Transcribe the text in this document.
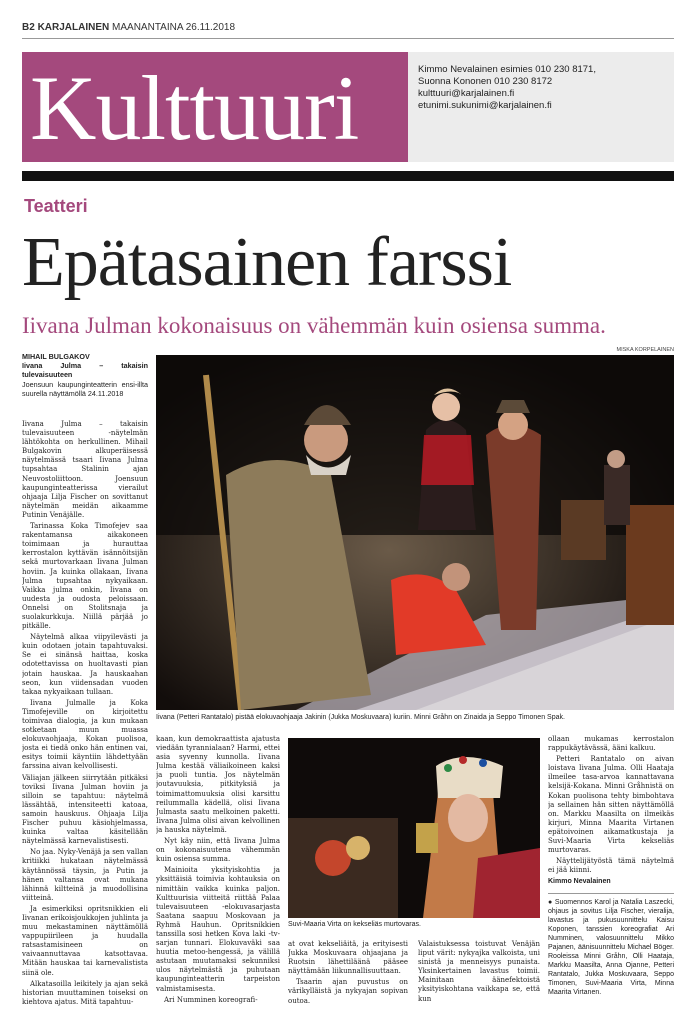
B2 KARJALAINEN MAANANTAINA 26.11.2018
Kulttuuri	Kimmo Nevalainen esimies 010 230 8171,
Suonna Kononen 010 230 8172
kulttuuri@karjalainen.fi
etunimi.sukunimi@karjalainen.fi
Teatteri
Epätasainen farssi
Iivana Julman kokonaisuus on vähemmän kuin osiensa summa.
MIHAIL BULGAKOV
Iivana Julma – takaisin tulevaisuuteen
Joensuun kaupunginteatterin ensi-illta suurella näyttämöllä 24.11.2018

Iivana Julma – takaisin tulevaisuuteen -näytelmän lähtökohta on herkullinen. Mihail Bulgakovin alkuperäisessä näytelmässä tsaari Iivana Julma tupsahtaa Stalinin ajan Neuvostoliittoon. Joensuun kaupunginteatterissa vierailut ohjaaja Lilja Fischer on sovittanut näytelmän meidän aikaamme Putinin Venäjälle.

Tarinassa Koka Timofejev saa rakentamansa aikakoneen toimimaan ja hurauttaa kerrostalon kyttävän isännöitsijän sekä murtovarkaan Iivana Julman hoviin. Ja kuinka ollakaan, Iivana Julma tupsahtaa nykyaikaan. Vaikka julma onkin, Iivana on uudesta ja oudosta peloissaan. Onnelsi on Stolitsnaja ja suolakurkkuja. Niillä pärjää jo pitkälle.

Näytelmä alkaa viipyilevästi ja kuin odotaen jotain tapahtuvaksi. Se ei sinänsä haittaa, koska odotettavissa on huoltavasti pian jotain hauskaa. Ja hauskaahan seon, kun viidensadan vuoden takaa nykyaikaan tullaan.

Iivana Julmalle ja Koka Timofejeville on kirjoitettu toimivaa dialogia, ja kun mukaan sotketaan muun muassa elokuvaohjaaja, Kokan puolisoa, josta ei tiedä onko hän entinen vai, esitys toimii käyntiin lähdettyään farssina aivan kelvollisesti.

Väliajan jälkeen siirrytään pitkäksi toviksi Iivana Julman hoviin ja silloin se tapahtuu: näytelmä lässähtää, intensiteetti katoaa, samoin hauskuus. Ohjaaja Lilja Fischer puhuu käsiohjelmassa, kuinka valtaa käsitellään näytelmässä karnevalistisesti.

No jaa. Nyky-Venäjä ja sen vallan kritiikki hukataan näytelmässä käytännössä täysin, ja Putin ja hänen valtansa ovat mukana lähinnä kiltteinä ja muodollisina viitteinä.

Ja esimerkiksi opritsnikkien eli Iivanan erikoisjoukkojen juhlinta ja muu mekastaminen näyttämöllä vappupiirileen ja huudalla ratsastamisineen on vaivaannuttavaa katsottavaa. Mitään hauskaa tai karnevalistista siinä ole.

Alkatasoilla leikitely ja ajan sekä historian muuttaminen toiseksi on kiehtova ajatus. Mitä tapahtuu-

MISKA KORPELAINEN
Iivana (Petteri Rantatalo) pistää elokuvaohjaaja Jakinin (Jukka Moskuvaara) kuriin. Minni Gråhn on Zinaida ja Seppo Timonen Spak.

kaan, kun demokraattista ajatusta viedään tyrannialaan? Harmi, ettei asia syvenny kunnolla. Iivana Julma kestää väliaikoineen kaksi ja puoli tuntia. Jos näytelmän joutavuuksia, pitkityksiä ja toimimattomuuksia olisi karsittu reilummalla kädellä, olisi Iivana Julmasta saatu melkoinen paketti. Iivana Julma olisi aivan kelvollinen ja hauska näytelmä.

Nyt käy niin, että Iivana Julma on kokonaisuutena vähemmän kuin osiensa summa.

Mainioita yksityiskohtia ja yksittäisiä toimivia kohtauksia on nimittäin vaikka kuinka paljon. Kulttuurisia viitteitä riittää Palaa tulevaisuuteen -elokuvasarjasta Saatana saapuu Moskovaan ja Ryhmä Hauhun. Opritsnikkien tanssilla sosi hetken Kova laki -tv-sarjan tunnari. Elokuvaväki saa huutia metoo-hengessä, ja välillä astutaan muutamaksi sekunniksi ulos näytelmästä ja puhutaan kaupunginteatterin tarpeiston valmistamisesta.

Ari Numminen koreografi-

Suvi-Maaria Virta on kekseliäs murtovaras.

at ovat kekseliäitä, ja erityisesti Jukka Moskuvaara ohjaajana ja Ruotsin lähettiläänä pääsee näyttämään liikunnallisuuttaan.

Tsaarin ajan puvustus on värikylläistä ja nykyajan sopivan outoa.

Valaistuksessa toistuvat Venäjän liput värit: nykyajka valkoista, uni sinistä ja menneisyys punaista. Yksinkertainen lavastus toimii. Mainitaan äänefektoistä yksityiskohtana vaikkapa se, että kun

ollaan mukamas kerrostalon rappukäytävässä, ääni kalkuu.

Petteri Rantatalo on aivan loistava Iivana Julma. Olli Haataja ilmeilee tasa-arvoa kannattavana kelsijä-Kokana. Minni Gråhnistä on Kokan puolisona tehty bimbohtava ja sellainen hän sitten näyttämöllä on. Markku Maasilta on ilmeikäs kirjuri, Minna Maarita Virtanen epätoivoinen aikamatkustaja ja Suvi-Maaria Virta kekseliäs murtovaras.

Näyttelijätyöstä tämä näytelmä ei jää kiinni.

Kimmo Nevalainen

● Suomennos Karol ja Natalia Laszecki, ohjaus ja sovitus Lilja Fischer, vieralija, lavastus ja pukusuunnittelu Kaisu Koponen, tanssien koreografiat Ari Numminen, valosuunnittelu Mikko Pajanen, äänisuunnittelu Michael Böger. Rooleissa Minni Gråhn, Olli Haataja, Markku Maasilta, Anna Ojanne, Petteri Rantatalo, Jukka Moskuvaara, Seppo Timonen, Suvi-Maaria Virta, Minna Maarita Virtanen.
